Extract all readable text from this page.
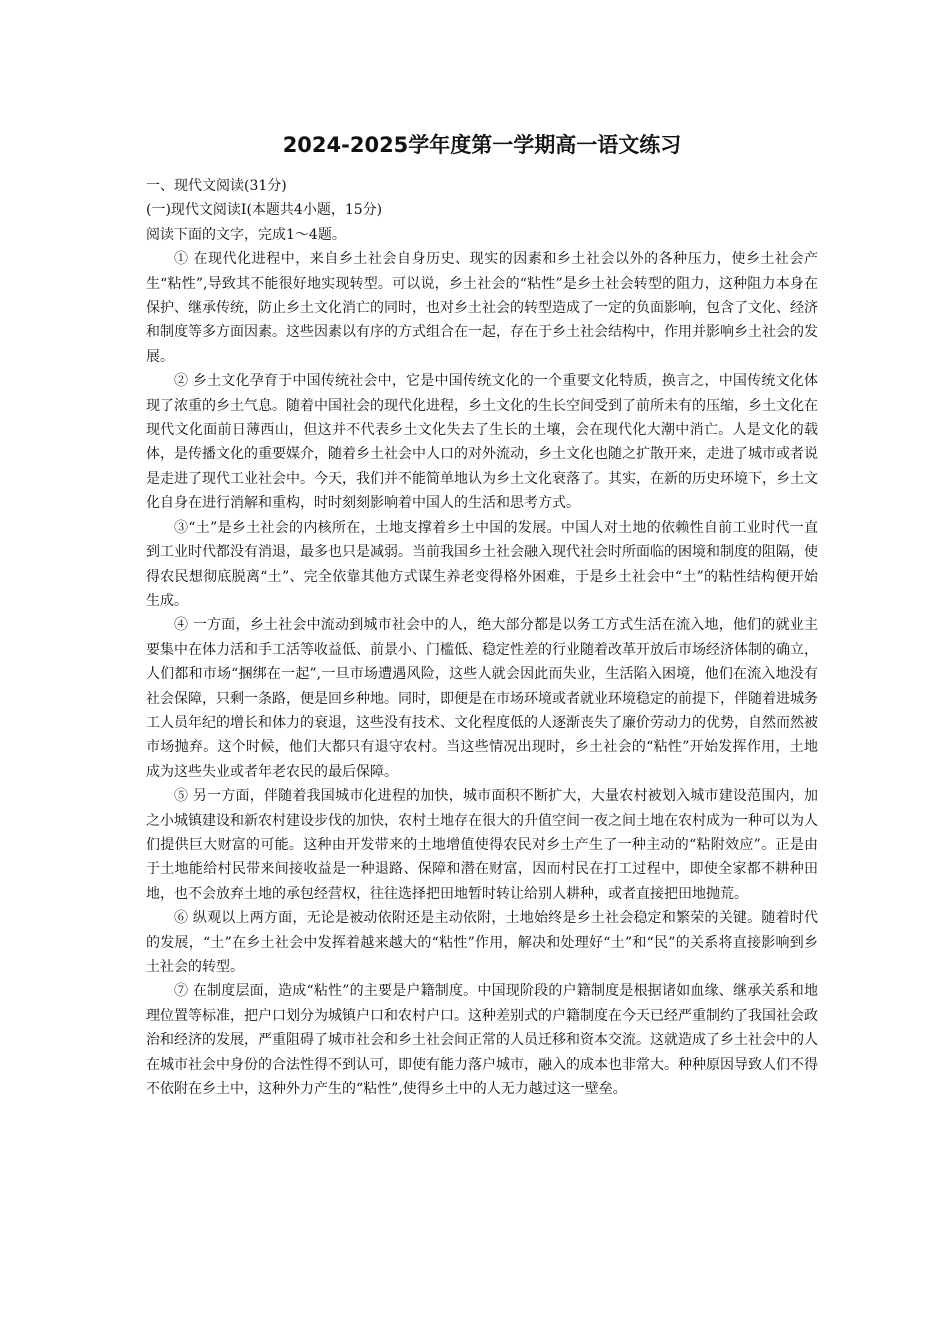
2024-2025学年度第一学期高一语文练习

一、现代文阅读(31分)

(一)现代文阅读Ⅰ(本题共4小题，15分)

阅读下面的文字，完成1～4题。

① 在现代化进程中，来自乡土社会自身历史、现实的因素和乡土社会以外的各种压力，使乡土社会产生“粘性”,导致其不能很好地实现转型。可以说，乡土社会的“粘性”是乡土社会转型的阻力，这种阻力本身在保护、继承传统，防止乡土文化消亡的同时，也对乡土社会的转型造成了一定的负面影响，包含了文化、经济和制度等多方面因素。这些因素以有序的方式组合在一起，存在于乡土社会结构中，作用并影响乡土社会的发展。

② 乡土文化孕育于中国传统社会中，它是中国传统文化的一个重要文化特质，换言之，中国传统文化体现了浓重的乡土气息。随着中国社会的现代化进程，乡土文化的生长空间受到了前所未有的压缩，乡土文化在现代文化面前日薄西山，但这并不代表乡土文化失去了生长的土壤，会在现代化大潮中消亡。人是文化的载体，是传播文化的重要媒介，随着乡土社会中人口的对外流动，乡土文化也随之扩散开来，走进了城市或者说是走进了现代工业社会中。今天，我们并不能简单地认为乡土文化衰落了。其实，在新的历史环境下，乡土文化自身在进行消解和重构，时时刻刻影响着中国人的生活和思考方式。

③“土”是乡土社会的内核所在，土地支撑着乡土中国的发展。中国人对土地的依赖性自前工业时代一直到工业时代都没有消退，最多也只是减弱。当前我国乡土社会融入现代社会时所面临的困境和制度的阻隔，使得农民想彻底脱离“土”、完全依靠其他方式谋生养老变得格外困难，于是乡土社会中“土”的粘性结构便开始生成。

④ 一方面，乡土社会中流动到城市社会中的人，绝大部分都是以务工方式生活在流入地，他们的就业主要集中在体力活和手工活等收益低、前景小、门槛低、稳定性差的行业随着改革开放后市场经济体制的确立，人们都和市场“捆绑在一起”,一旦市场遭遇风险，这些人就会因此而失业，生活陷入困境，他们在流入地没有社会保障，只剩一条路，便是回乡种地。同时，即便是在市场环境或者就业环境稳定的前提下，伴随着进城务工人员年纪的增长和体力的衰退，这些没有技术、文化程度低的人逐渐丧失了廉价劳动力的优势，自然而然被市场抛弃。这个时候，他们大都只有退守农村。当这些情况出现时，乡土社会的“粘性”开始发挥作用，土地成为这些失业或者年老农民的最后保障。

⑤ 另一方面，伴随着我国城市化进程的加快，城市面积不断扩大，大量农村被划入城市建设范围内，加之小城镇建设和新农村建设步伐的加快，农村土地存在很大的升值空间一夜之间土地在农村成为一种可以为人们提供巨大财富的可能。这种由开发带来的土地增值使得农民对乡土产生了一种主动的“粘附效应”。正是由于土地能给村民带来间接收益是一种退路、保障和潜在财富，因而村民在打工过程中，即使全家都不耕种田地，也不会放弃土地的承包经营权，往往选择把田地暂时转让给别人耕种，或者直接把田地抛荒。

⑥ 纵观以上两方面，无论是被动依附还是主动依附，土地始终是乡土社会稳定和繁荣的关键。随着时代的发展，“土”在乡土社会中发挥着越来越大的“粘性”作用，解决和处理好“土”和“民”的关系将直接影响到乡土社会的转型。

⑦ 在制度层面，造成“粘性”的主要是户籍制度。中国现阶段的户籍制度是根据诸如血缘、继承关系和地理位置等标准，把户口划分为城镇户口和农村户口。这种差别式的户籍制度在今天已经严重制约了我国社会政治和经济的发展，严重阻碍了城市社会和乡土社会间正常的人员迁移和资本交流。这就造成了乡土社会中的人在城市社会中身份的合法性得不到认可，即使有能力落户城市，融入的成本也非常大。种种原因导致人们不得不依附在乡土中，这种外力产生的“粘性”,使得乡土中的人无力越过这一壁垒。
